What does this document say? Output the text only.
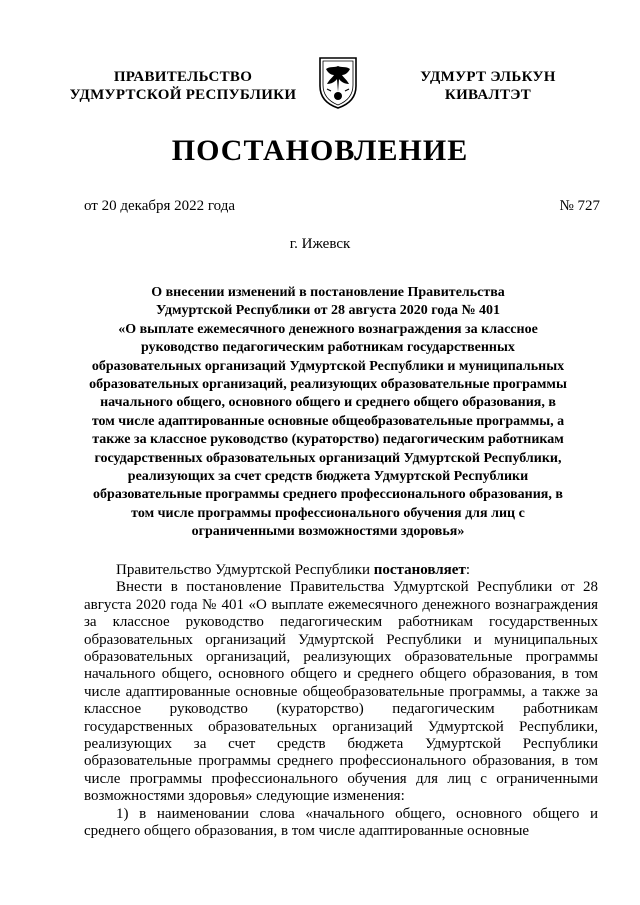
ПРАВИТЕЛЬСТВО
УДМУРТСКОЙ РЕСПУБЛИКИ
УДМУРТ ЭЛЬКУН
КИВАЛТЭТ
ПОСТАНОВЛЕНИЕ
от 20 декабря 2022 года	№ 727
г. Ижевск
О внесении изменений в постановление Правительства
Удмуртской Республики от 28 августа 2020 года № 401
«О выплате ежемесячного денежного вознаграждения за классное
руководство педагогическим работникам государственных
образовательных организаций Удмуртской Республики и муниципальных
образовательных организаций, реализующих образовательные программы
начального общего, основного общего и среднего общего образования, в
том числе адаптированные основные общеобразовательные программы, а
также за классное руководство (кураторство) педагогическим работникам
государственных образовательных организаций Удмуртской Республики,
реализующих за счет средств бюджета Удмуртской Республики
образовательные программы среднего профессионального образования, в
том числе программы профессионального обучения для лиц с
ограниченными возможностями здоровья»

Правительство Удмуртской Республики постановляет:

Внести в постановление Правительства Удмуртской Республики от 28 августа 2020 года № 401 «О выплате ежемесячного денежного вознаграждения за классное руководство педагогическим работникам государственных образовательных организаций Удмуртской Республики и муниципальных образовательных организаций, реализующих образовательные программы начального общего, основного общего и среднего общего образования, в том числе адаптированные основные общеобразовательные программы, а также за классное руководство (кураторство) педагогическим работникам государственных образовательных организаций Удмуртской Республики, реализующих за счет средств бюджета Удмуртской Республики образовательные программы среднего профессионального образования, в том числе программы профессионального обучения для лиц с ограниченными возможностями здоровья» следующие изменения:

1) в наименовании слова «начального общего, основного общего и среднего общего образования, в том числе адаптированные основные
